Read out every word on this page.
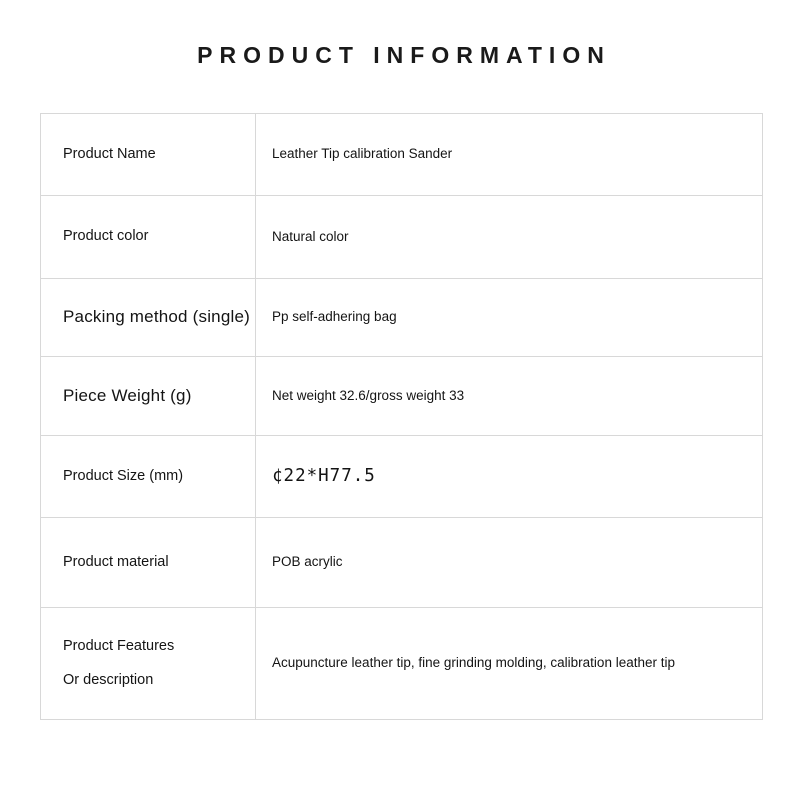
PRODUCT INFORMATION
Product Name	Leather Tip calibration Sander

Product color	Natural color

Packing method (single)	Pp self-adhering bag

Piece Weight (g)	Net weight 32.6/gross weight 33

Product Size (mm)	¢22*H77.5

Product material	POB acrylic

Product Features
Or description	Acupuncture leather tip, fine grinding molding, calibration leather tip
